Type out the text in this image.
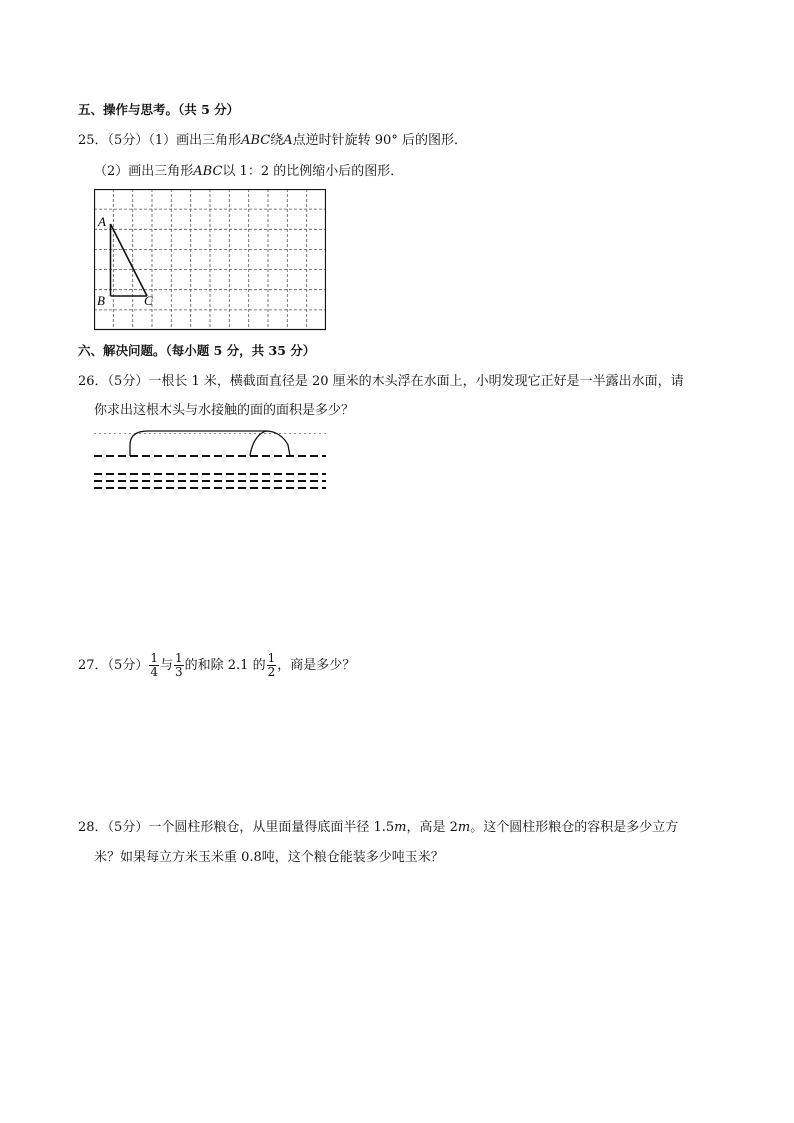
五、操作与思考。（共 5 分）
25．（5分）（1）画出三角形ABC绕A点逆时针旋转 90° 后的图形．
（2）画出三角形ABC以 1：2 的比例缩小后的图形．
A
B	C
六、解决问题。（每小题 5 分，共 35 分）
26．（5分）一根长 1 米，横截面直径是 20 厘米的木头浮在水面上，小明发现它正好是一半露出水面，请
你求出这根木头与水接触的面的面积是多少？
27．（5分） $\frac{1}{4}$ 与 $\frac{1}{3}$ 的和除 2.1 的 $\frac{1}{2}$ ，商是多少？
28．（5分）一个圆柱形粮仓，从里面量得底面半径 1.5m，高是 2m。这个圆柱形粮仓的容积是多少立方
米？如果每立方米玉米重 0.8吨，这个粮仓能装多少吨玉米？
